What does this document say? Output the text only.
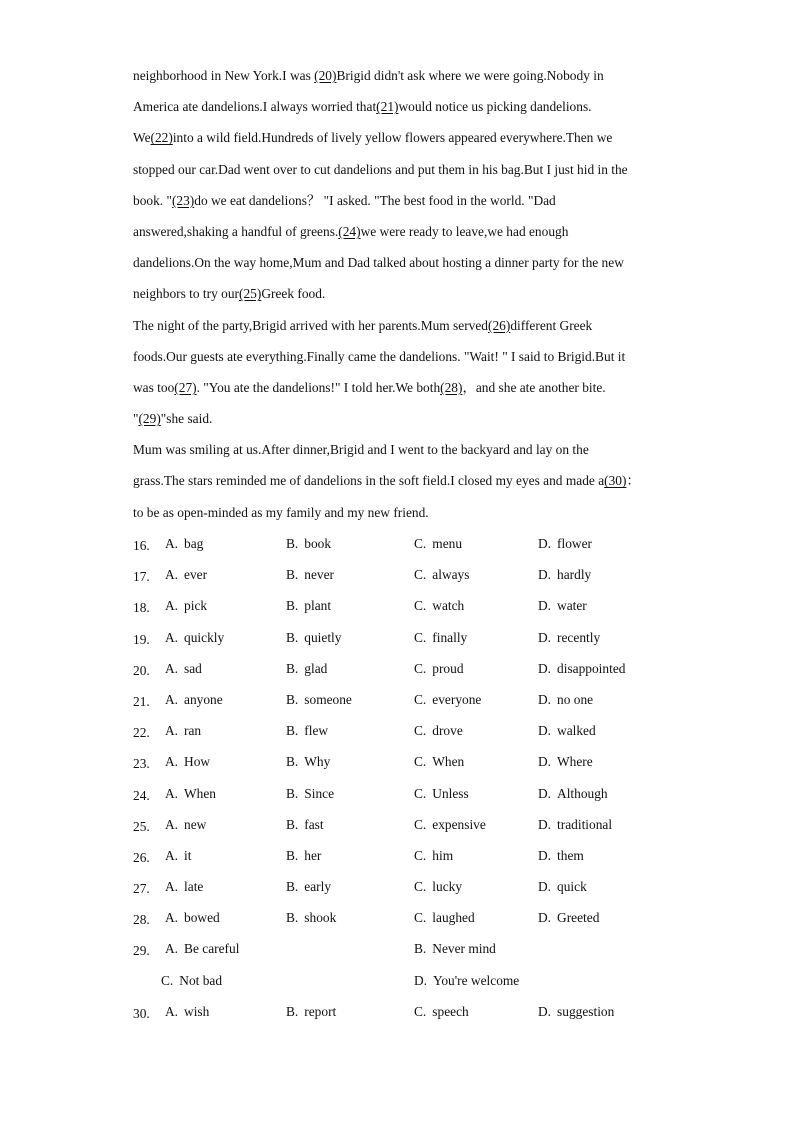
neighborhood in New York.I was (20)Brigid didn't ask where we were going.Nobody in
America ate dandelions.I always worried that(21)would notice us picking dandelions.
We(22)into a wild field.Hundreds of lively yellow flowers appeared everywhere.Then we
stopped our car.Dad went over to cut dandelions and put them in his bag.But I just hid in the
book. "(23)do we eat dandelions？ "I asked. "The best food in the world. "Dad
answered,shaking a handful of greens.(24)we were ready to leave,we had enough
dandelions.On the way home,Mum and Dad talked about hosting a dinner party for the new
neighbors to try our(25)Greek food.
The night of the party,Brigid arrived with her parents.Mum served(26)different Greek
foods.Our guests ate everything.Finally came the dandelions. "Wait! " I said to Brigid.But it
was too(27). "You ate the dandelions!" I told her.We both(28)，and she ate another bite.
"(29)"she said.
Mum was smiling at us.After dinner,Brigid and I went to the backyard and lay on the
grass.The stars reminded me of dandelions in the soft field.I closed my eyes and made a(30)：
to be as open-minded as my family and my new friend.
16. A. bag	B. book	C. menu	D. flower
17. A. ever	B. never	C. always	D. hardly
18. A. pick	B. plant	C. watch	D. water
19. A. quickly	B. quietly	C. finally	D. recently
20. A. sad	B. glad	C. proud	D. disappointed
21. A. anyone	B. someone	C. everyone	D. no one
22. A. ran	B. flew	C. drove	D. walked
23. A. How	B. Why	C. When	D. Where
24. A. When	B. Since	C. Unless	D. Although
25. A. new	B. fast	C. expensive	D. traditional
26. A. it	B. her	C. him	D. them
27. A. late	B. early	C. lucky	D. quick
28. A. bowed	B. shook	C. laughed	D. Greeted
29. A. Be careful	B. Never mind
C. Not bad	D. You're welcome
30. A. wish	B. report	C. speech	D. suggestion
